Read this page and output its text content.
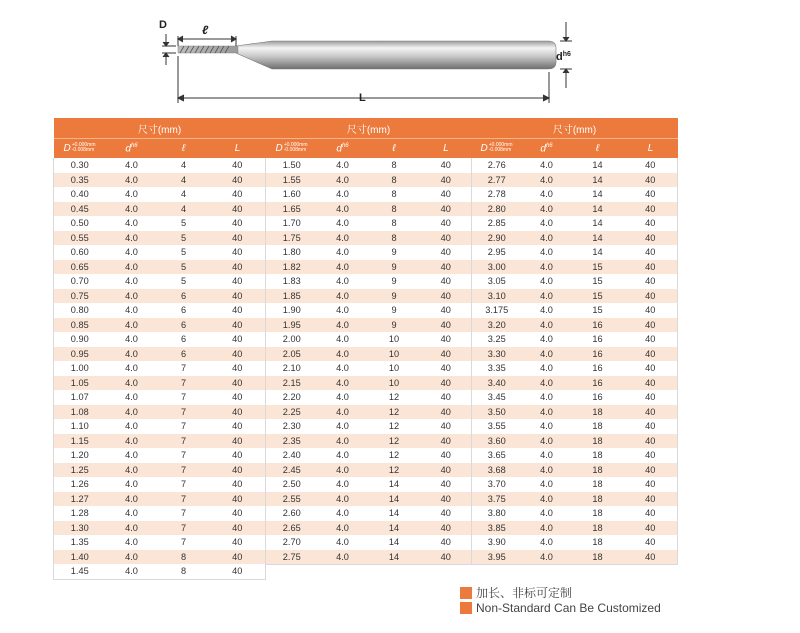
D	ℓ
L
$d^{h6}$
尺寸(mm)			
D+0.000mm
-0.008mm	$d^{h6}$	ℓ	L
0.30	4.0	4	40
0.35	4.0	4	40
0.40	4.0	4	40
0.45	4.0	4	40
0.50	4.0	5	40
0.55	4.0	5	40
0.60	4.0	5	40
0.65	4.0	5	40
0.70	4.0	5	40
0.75	4.0	6	40
0.80	4.0	6	40
0.85	4.0	6	40
0.90	4.0	6	40
0.95	4.0	6	40
1.00	4.0	7	40
1.05	4.0	7	40
1.07	4.0	7	40
1.08	4.0	7	40
1.10	4.0	7	40
1.15	4.0	7	40
1.20	4.0	7	40
1.25	4.0	7	40
1.26	4.0	7	40
1.27	4.0	7	40
1.28	4.0	7	40
1.30	4.0	7	40
1.35	4.0	7	40
1.40	4.0	8	40
1.45	4.0	8	40
尺寸(mm)			
D+0.000mm
-0.008mm	$d^{h6}$	ℓ	L
1.50	4.0	8	40
1.55	4.0	8	40
1.60	4.0	8	40
1.65	4.0	8	40
1.70	4.0	8	40
1.75	4.0	8	40
1.80	4.0	9	40
1.82	4.0	9	40
1.83	4.0	9	40
1.85	4.0	9	40
1.90	4.0	9	40
1.95	4.0	9	40
2.00	4.0	10	40
2.05	4.0	10	40
2.10	4.0	10	40
2.15	4.0	10	40
2.20	4.0	12	40
2.25	4.0	12	40
2.30	4.0	12	40
2.35	4.0	12	40
2.40	4.0	12	40
2.45	4.0	12	40
2.50	4.0	14	40
2.55	4.0	14	40
2.60	4.0	14	40
2.65	4.0	14	40
2.70	4.0	14	40
2.75	4.0	14	40
尺寸(mm)			
D+0.000mm
-0.008mm	$d^{h6}$	ℓ	L
2.76	4.0	14	40
2.77	4.0	14	40
2.78	4.0	14	40
2.80	4.0	14	40
2.85	4.0	14	40
2.90	4.0	14	40
2.95	4.0	14	40
3.00	4.0	15	40
3.05	4.0	15	40
3.10	4.0	15	40
3.175	4.0	15	40
3.20	4.0	16	40
3.25	4.0	16	40
3.30	4.0	16	40
3.35	4.0	16	40
3.40	4.0	16	40
3.45	4.0	16	40
3.50	4.0	18	40
3.55	4.0	18	40
3.60	4.0	18	40
3.65	4.0	18	40
3.68	4.0	18	40
3.70	4.0	18	40
3.75	4.0	18	40
3.80	4.0	18	40
3.85	4.0	18	40
3.90	4.0	18	40
3.95	4.0	18	40
加长、非标可定制
Non-Standard Can Be Customized
